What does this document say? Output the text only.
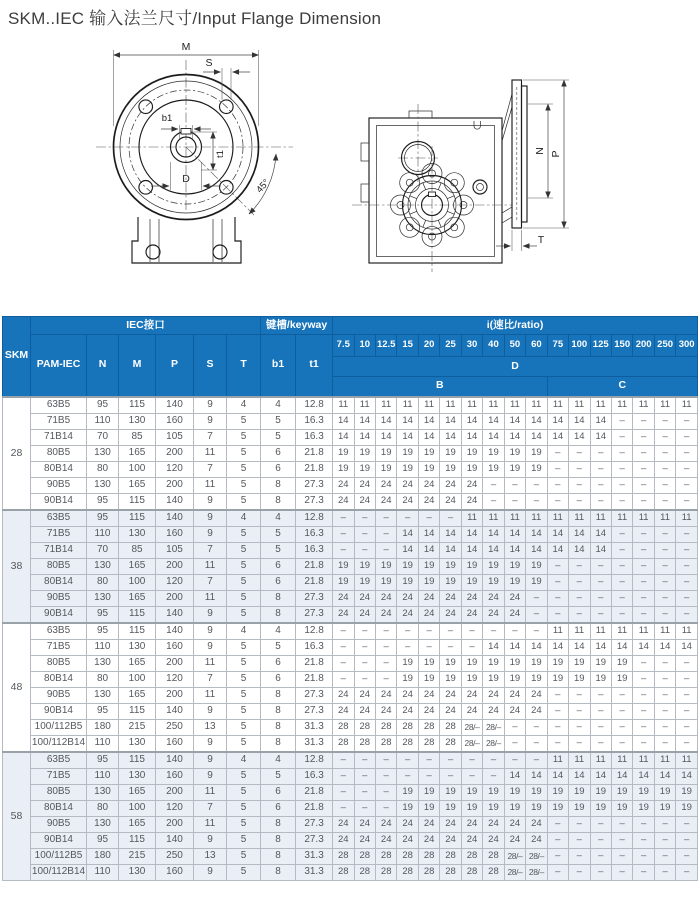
SKM..IEC 输入法兰尺寸/Input Flange Dimension
M
S
b1
t1
D	45°
N P
T
SKM	IEC接口						键槽/keyway		i(速比/ratio)																
	PAM-IEC	N	M	P	S	T	b1	t1	7.5	10	12.5	15	20	25	30	40	50	60	75	100	125	150	200	250	300
									D																
									B										C						
28	63B5	95	115	140	9	4	4	12.8	11	11	11	11	11	11	11	11	11	11	11	11	11	11	11	11	11
	71B5	110	130	160	9	5	5	16.3	14	14	14	14	14	14	14	14	14	14	14	14	14	–	–	–	–
	71B14	70	85	105	7	5	5	16.3	14	14	14	14	14	14	14	14	14	14	14	14	14	–	–	–	–
	80B5	130	165	200	11	5	6	21.8	19	19	19	19	19	19	19	19	19	19	–	–	–	–	–	–	–
	80B14	80	100	120	7	5	6	21.8	19	19	19	19	19	19	19	19	19	19	–	–	–	–	–	–	–
	90B5	130	165	200	11	5	8	27.3	24	24	24	24	24	24	24	–	–	–	–	–	–	–	–	–	–
	90B14	95	115	140	9	5	8	27.3	24	24	24	24	24	24	24	–	–	–	–	–	–	–	–	–	–
38	63B5	95	115	140	9	4	4	12.8	–	–	–	–	–	–	11	11	11	11	11	11	11	11	11	11	11
	71B5	110	130	160	9	5	5	16.3	–	–	–	14	14	14	14	14	14	14	14	14	14	–	–	–	–
	71B14	70	85	105	7	5	5	16.3	–	–	–	14	14	14	14	14	14	14	14	14	14	–	–	–	–
	80B5	130	165	200	11	5	6	21.8	19	19	19	19	19	19	19	19	19	19	–	–	–	–	–	–	–
	80B14	80	100	120	7	5	6	21.8	19	19	19	19	19	19	19	19	19	19	–	–	–	–	–	–	–
	90B5	130	165	200	11	5	8	27.3	24	24	24	24	24	24	24	24	24	–	–	–	–	–	–	–	–
	90B14	95	115	140	9	5	8	27.3	24	24	24	24	24	24	24	24	24	–	–	–	–	–	–	–	–
48	63B5	95	115	140	9	4	4	12.8	–	–	–	–	–	–	–	–	–	–	11	11	11	11	11	11	11
	71B5	110	130	160	9	5	5	16.3	–	–	–	–	–	–	–	14	14	14	14	14	14	14	14	14	14
	80B5	130	165	200	11	5	6	21.8	–	–	–	19	19	19	19	19	19	19	19	19	19	19	–	–	–
	80B14	80	100	120	7	5	6	21.8	–	–	–	19	19	19	19	19	19	19	19	19	19	19	–	–	–
	90B5	130	165	200	11	5	8	27.3	24	24	24	24	24	24	24	24	24	24	–	–	–	–	–	–	–
	90B14	95	115	140	9	5	8	27.3	24	24	24	24	24	24	24	24	24	24	–	–	–	–	–	–	–
	100/112B5	180	215	250	13	5	8	31.3	28	28	28	28	28	28	28/–	28/–	–	–	–	–	–	–	–	–	–
	100/112B14	110	130	160	9	5	8	31.3	28	28	28	28	28	28	28/–	28/–	–	–	–	–	–	–	–	–	–
58	63B5	95	115	140	9	4	4	12.8	–	–	–	–	–	–	–	–	–	–	11	11	11	11	11	11	11
	71B5	110	130	160	9	5	5	16.3	–	–	–	–	–	–	–	–	14	14	14	14	14	14	14	14	14
	80B5	130	165	200	11	5	6	21.8	–	–	–	19	19	19	19	19	19	19	19	19	19	19	19	19	19
	80B14	80	100	120	7	5	6	21.8	–	–	–	19	19	19	19	19	19	19	19	19	19	19	19	19	19
	90B5	130	165	200	11	5	8	27.3	24	24	24	24	24	24	24	24	24	24	–	–	–	–	–	–	–
	90B14	95	115	140	9	5	8	27.3	24	24	24	24	24	24	24	24	24	24	–	–	–	–	–	–	–
	100/112B5	180	215	250	13	5	8	31.3	28	28	28	28	28	28	28	28	28/–	28/–	–	–	–	–	–	–	–
	100/112B14	110	130	160	9	5	8	31.3	28	28	28	28	28	28	28	28	28/–	28/–	–	–	–	–	–	–	–
